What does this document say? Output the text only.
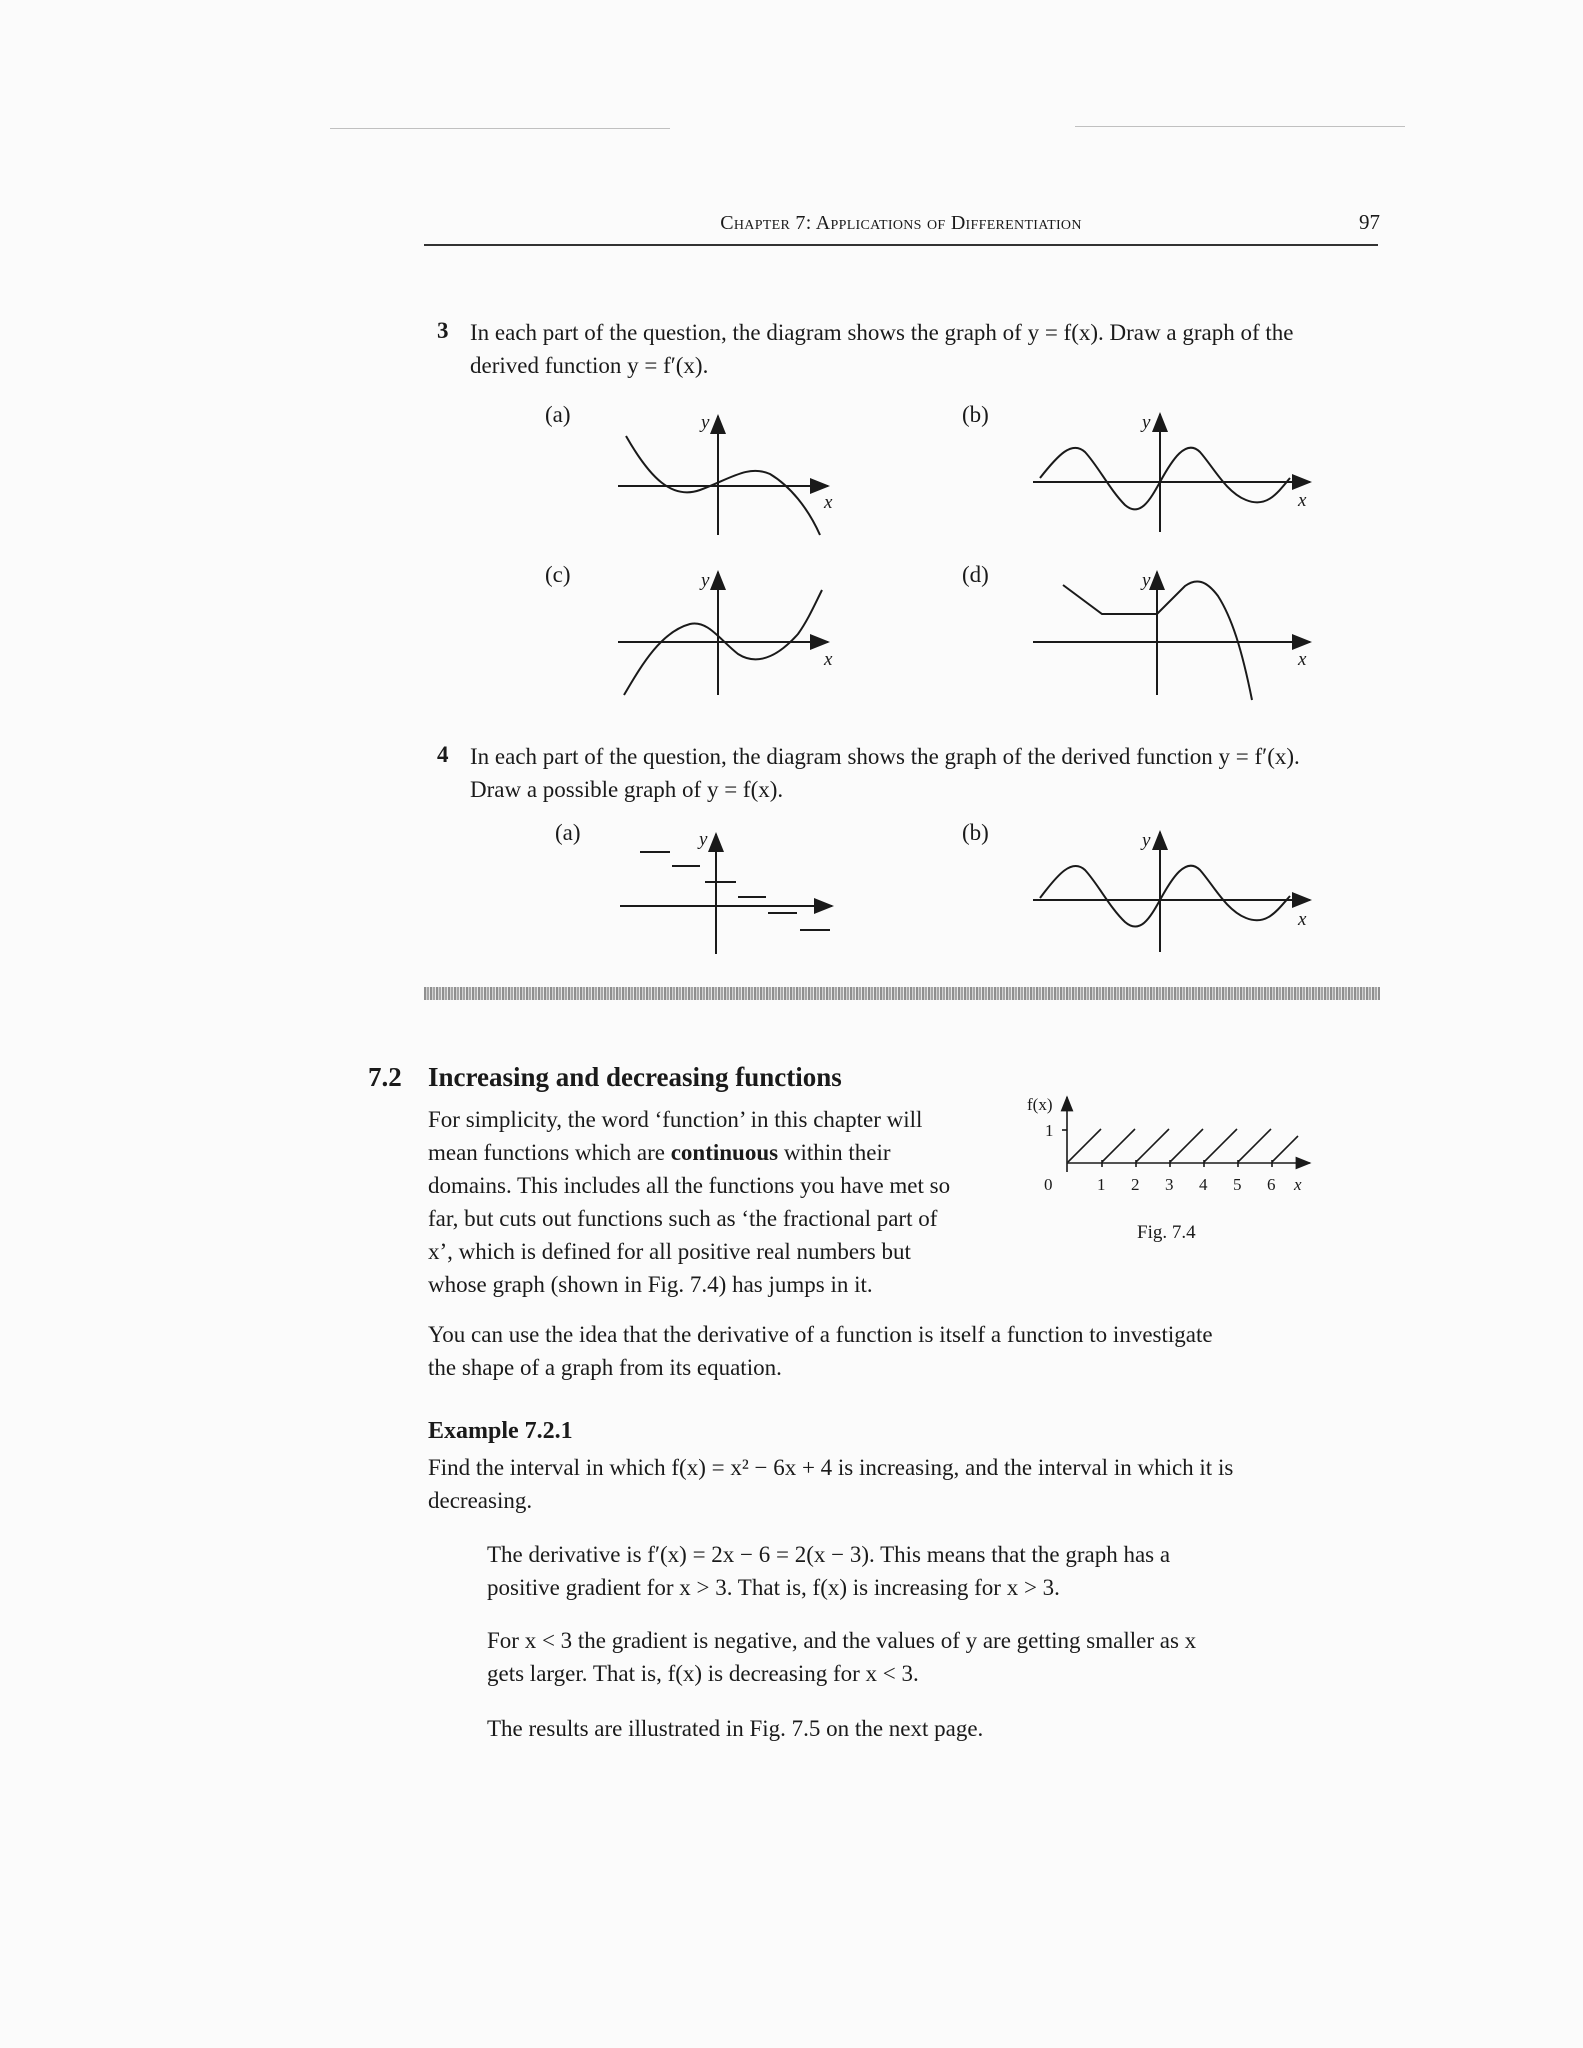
Chapter 7: Applications of Differentiation	97
3 In each part of the question, the diagram shows the graph of y = f(x). Draw a graph of the
derived function y = f′(x).
(a)	(b)
(c)	(d)
y
x
y
x
y
x
y
x
y	y
x
f(x)
1
0	1 2 3 4 5 6 x
4 In each part of the question, the diagram shows the graph of the derived function y = f′(x).
Draw a possible graph of y = f(x).
(a)	(b)
7.2 Increasing and decreasing functions
For simplicity, the word ‘function’ in this chapter will
mean functions which are continuous within their
domains. This includes all the functions you have met so
far, but cuts out functions such as ‘the fractional part of
x’, which is defined for all positive real numbers but
whose graph (shown in Fig. 7.4) has jumps in it.
Fig. 7.4
You can use the idea that the derivative of a function is itself a function to investigate
the shape of a graph from its equation.
Example 7.2.1
Find the interval in which f(x) = x² − 6x + 4 is increasing, and the interval in which it is
decreasing.
The derivative is f′(x) = 2x − 6 = 2(x − 3). This means that the graph has a
positive gradient for x > 3. That is, f(x) is increasing for x > 3.
For x < 3 the gradient is negative, and the values of y are getting smaller as x
gets larger. That is, f(x) is decreasing for x < 3.
The results are illustrated in Fig. 7.5 on the next page.
